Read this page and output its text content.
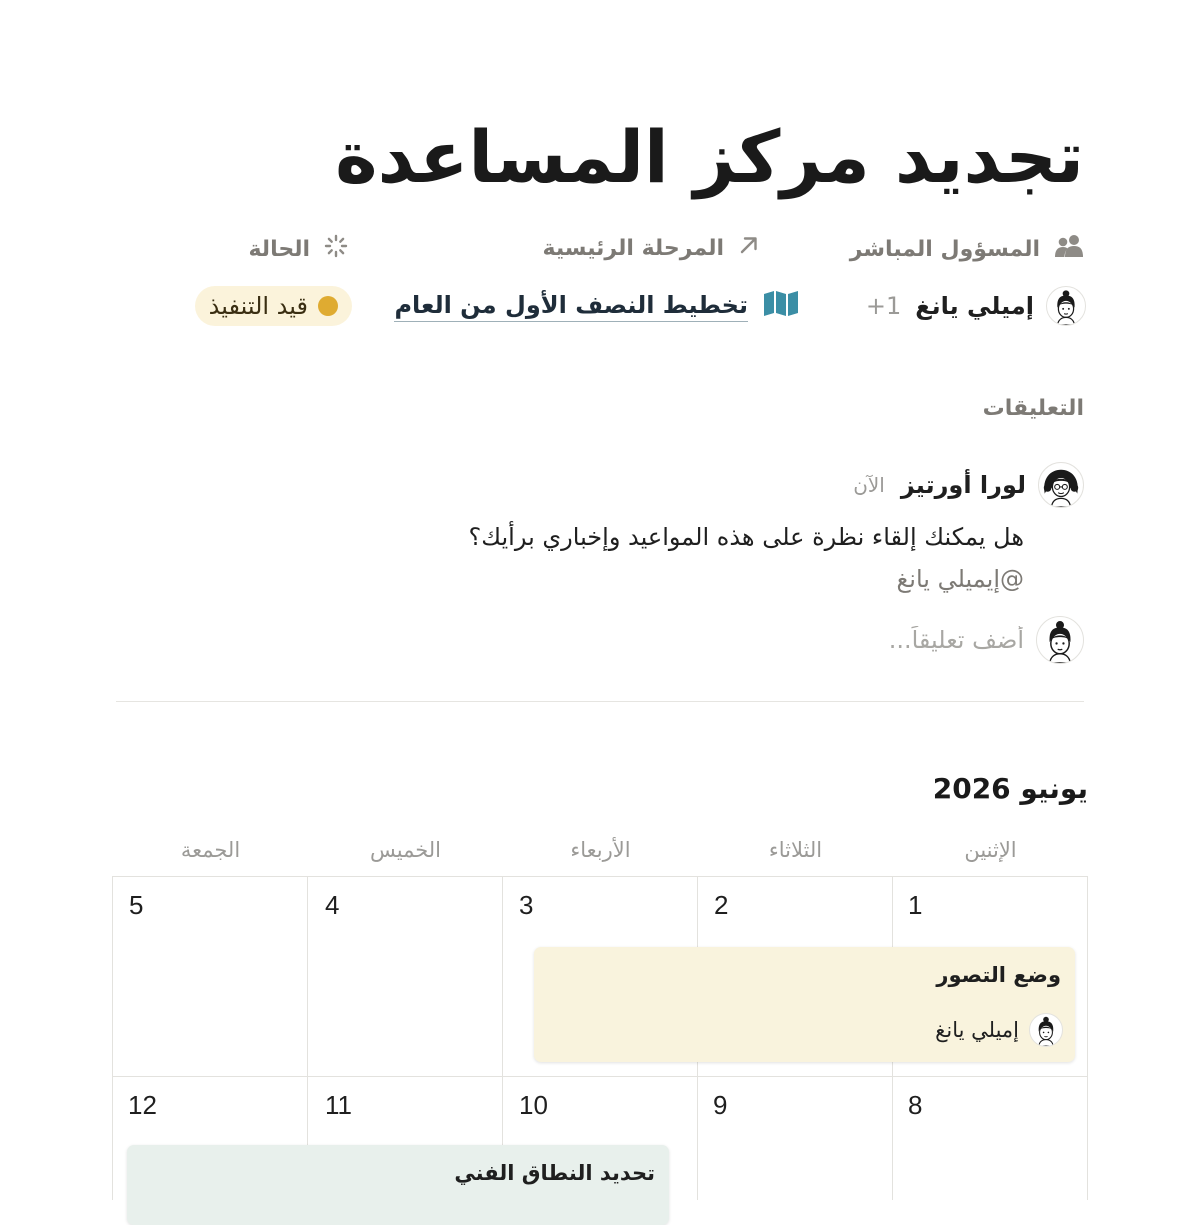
تجديد مركز المساعدة
المسؤول المباشر
المرحلة الرئيسية
الحالة
إميلي يانغ
1+
تخطيط النصف الأول من العام
قيد التنفيذ
التعليقات
لورا أورتيز
الآن

هل يمكنك إلقاء نظرة على هذه المواعيد وإخباري برأيك؟
@إيميلي يانغ

أضف تعليقاً...
يونيو 2026
الإثنين
الثلاثاء
الأربعاء
الخميس
الجمعة
1
2
3
4
5
8
9
10
11
12
وضع التصور
إميلي يانغ
تحديد النطاق الفني
